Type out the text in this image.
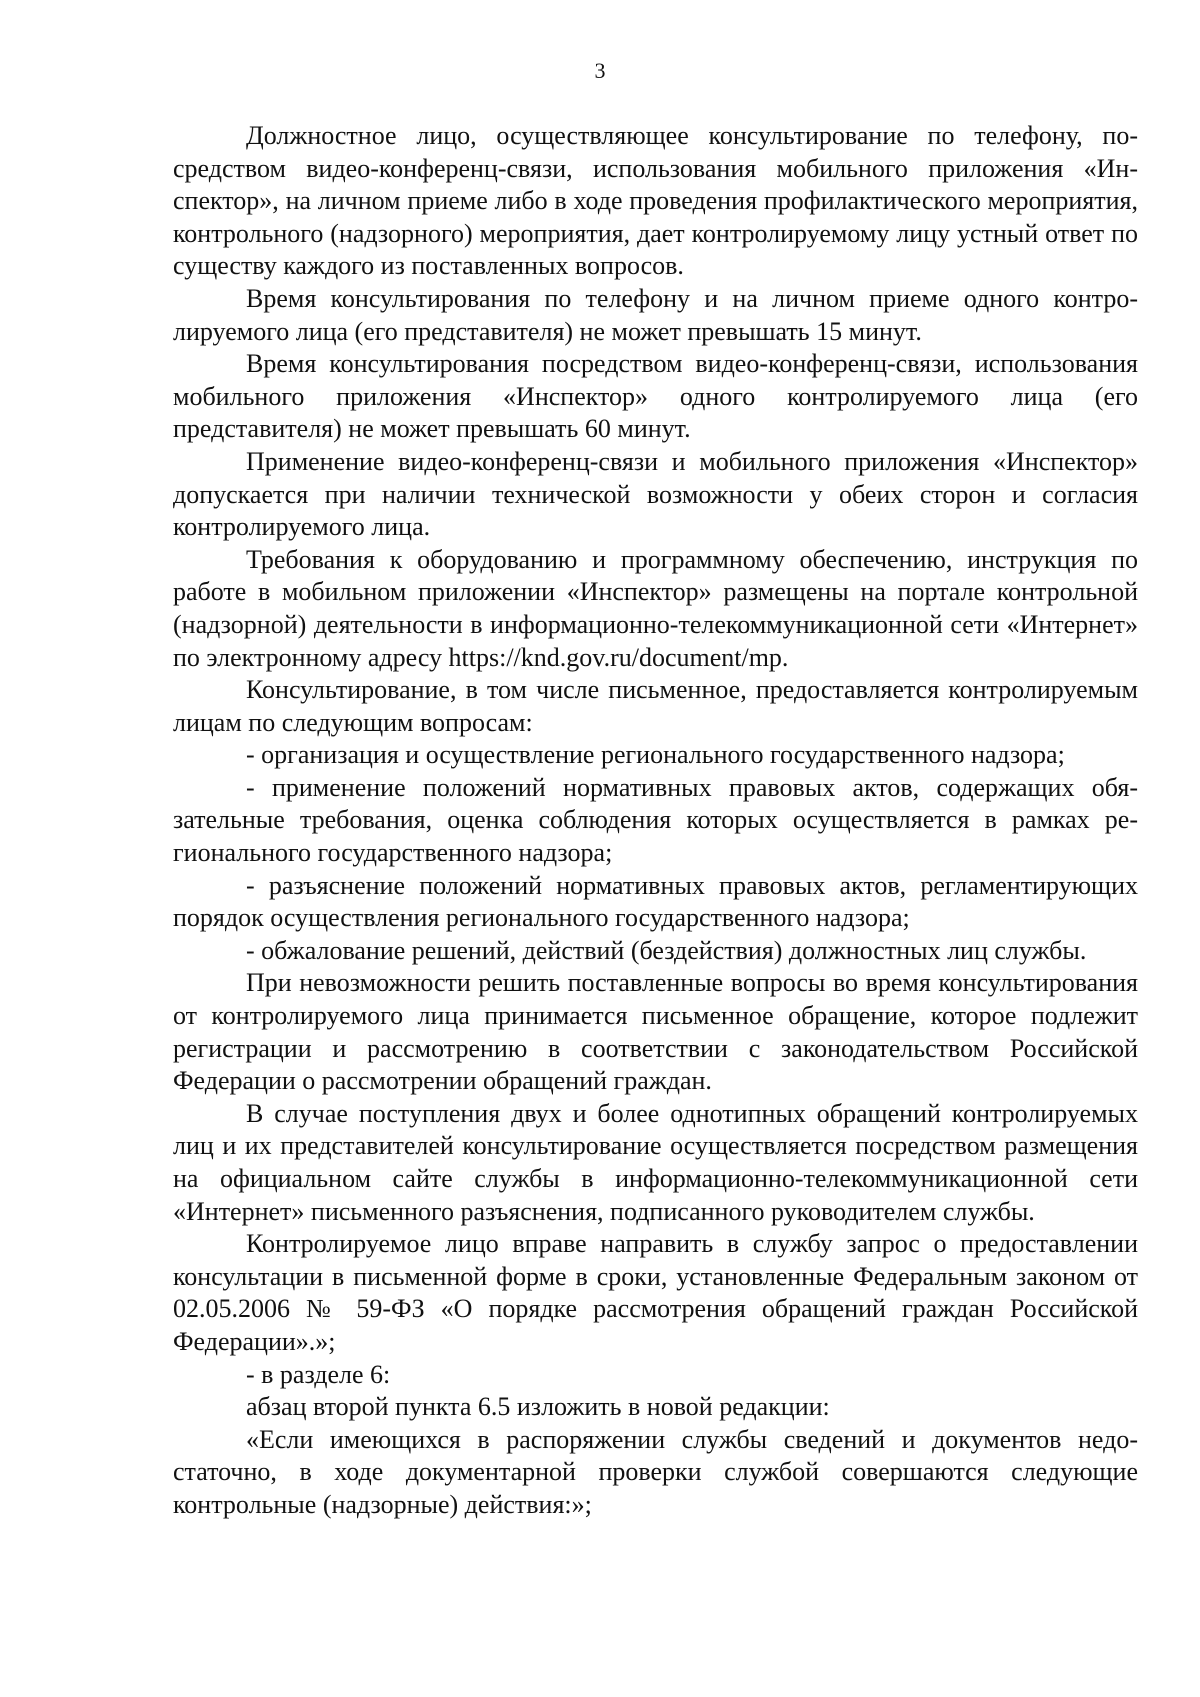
3

Должностное лицо, осуществляющее консультирование по телефону, посредством видео-конференц-связи, использования мобильного приложения «Инспектор», на личном приеме либо в ходе проведения профилактического мероприятия, контрольного (надзорного) мероприятия, дает контролируемому лицу устный ответ по существу каждого из поставленных вопросов.

Время консультирования по телефону и на личном приеме одного контролируемого лица (его представителя) не может превышать 15 минут.

Время консультирования посредством видео-конференц-связи, использования мобильного приложения «Инспектор» одного контролируемого лица (его представителя) не может превышать 60 минут.

Применение видео-конференц-связи и мобильного приложения «Инспектор» допускается при наличии технической возможности у обеих сторон и согласия контролируемого лица.

Требования к оборудованию и программному обеспечению, инструкция по работе в мобильном приложении «Инспектор» размещены на портале контрольной (надзорной) деятельности в информационно-телекоммуникационной сети «Интернет» по электронному адресу https://knd.gov.ru/document/mp.

Консультирование, в том числе письменное, предоставляется контролируемым лицам по следующим вопросам:

- организация и осуществление регионального государственного надзора;

- применение положений нормативных правовых актов, содержащих обязательные требования, оценка соблюдения которых осуществляется в рамках регионального государственного надзора;

- разъяснение положений нормативных правовых актов, регламентирующих порядок осуществления регионального государственного надзора;

- обжалование решений, действий (бездействия) должностных лиц службы.

При невозможности решить поставленные вопросы во время консультирования от контролируемого лица принимается письменное обращение, которое подлежит регистрации и рассмотрению в соответствии с законодательством Российской Федерации о рассмотрении обращений граждан.

В случае поступления двух и более однотипных обращений контролируемых лиц и их представителей консультирование осуществляется посредством размещения на официальном сайте службы в информационно-телекоммуникационной сети «Интернет» письменного разъяснения, подписанного руководителем службы.

Контролируемое лицо вправе направить в службу запрос о предоставлении консультации в письменной форме в сроки, установленные Федеральным законом от 02.05.2006 № 59-ФЗ «О порядке рассмотрения обращений граждан Российской Федерации».»;

- в разделе 6:

абзац второй пункта 6.5 изложить в новой редакции:

«Если имеющихся в распоряжении службы сведений и документов недостаточно, в ходе документарной проверки службой совершаются следующие контрольные (надзорные) действия:»;
